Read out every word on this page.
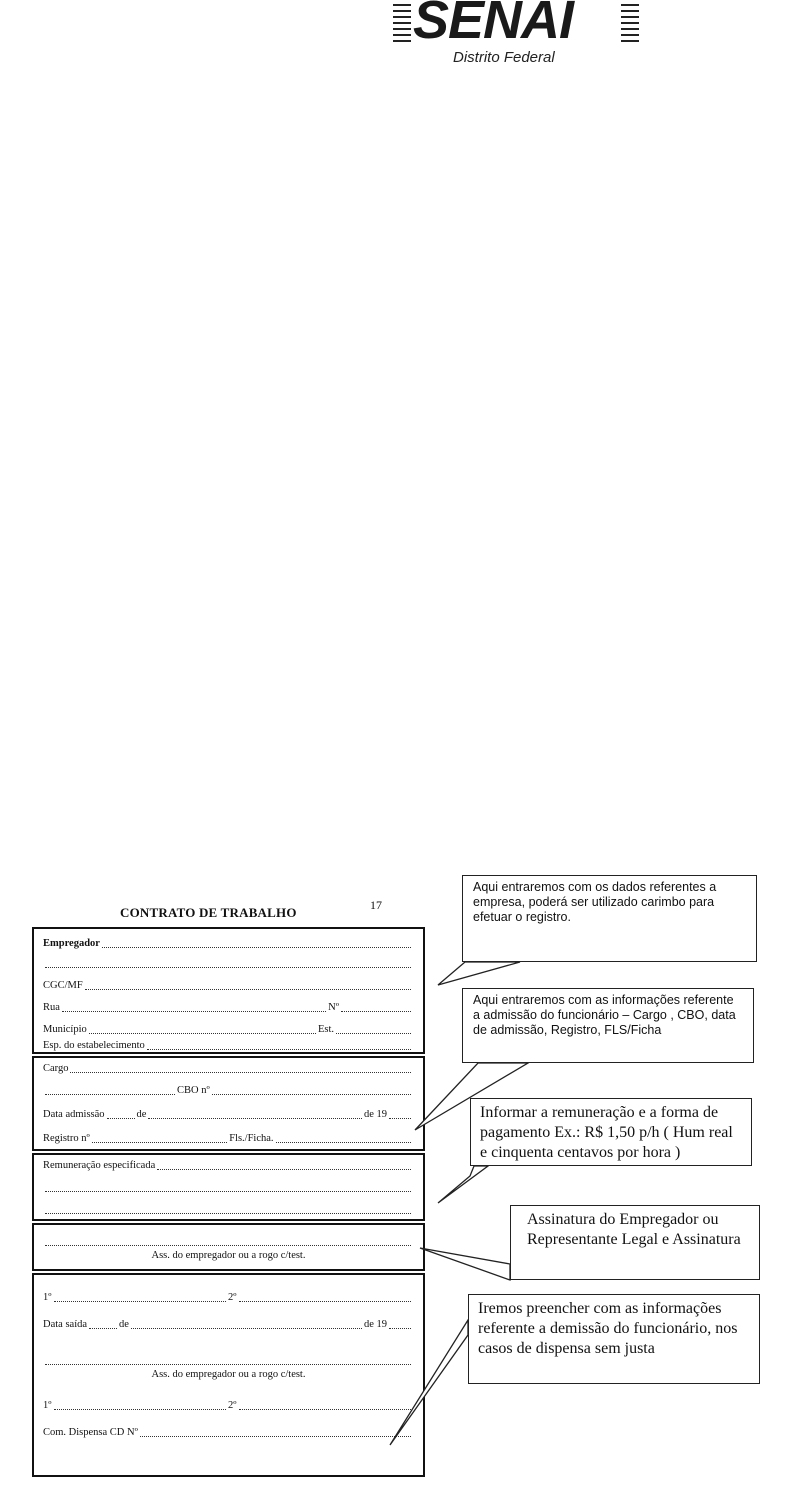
SENAI
Distrito Federal
CONTRATO DE TRABALHO	17
Empregador
CGC/MF
Rua	Nº
Município	Est.
Esp. do estabelecimento
Cargo
CBO nº
Data admissão	de	de 19
Registro nº	Fls./Ficha.
Remuneração especificada
Ass. do empregador ou a rogo c/test.
1º	2º
Data saída	de	de 19
Ass. do empregador ou a rogo c/test.
1º	2º
Com. Dispensa CD Nº
Aqui entraremos com os dados referentes a empresa, poderá ser utilizado carimbo para efetuar o registro.
Aqui entraremos com as informações referente a admissão do funcionário – Cargo , CBO, data de admissão, Registro, FLS/Ficha
Informar a remuneração e a forma de pagamento Ex.: R$ 1,50 p/h ( Hum real e cinquenta centavos por hora )
Assinatura do Empregador ou Representante Legal e Assinatura
Iremos preencher com as informações referente a demissão do funcionário, nos casos de dispensa sem justa
